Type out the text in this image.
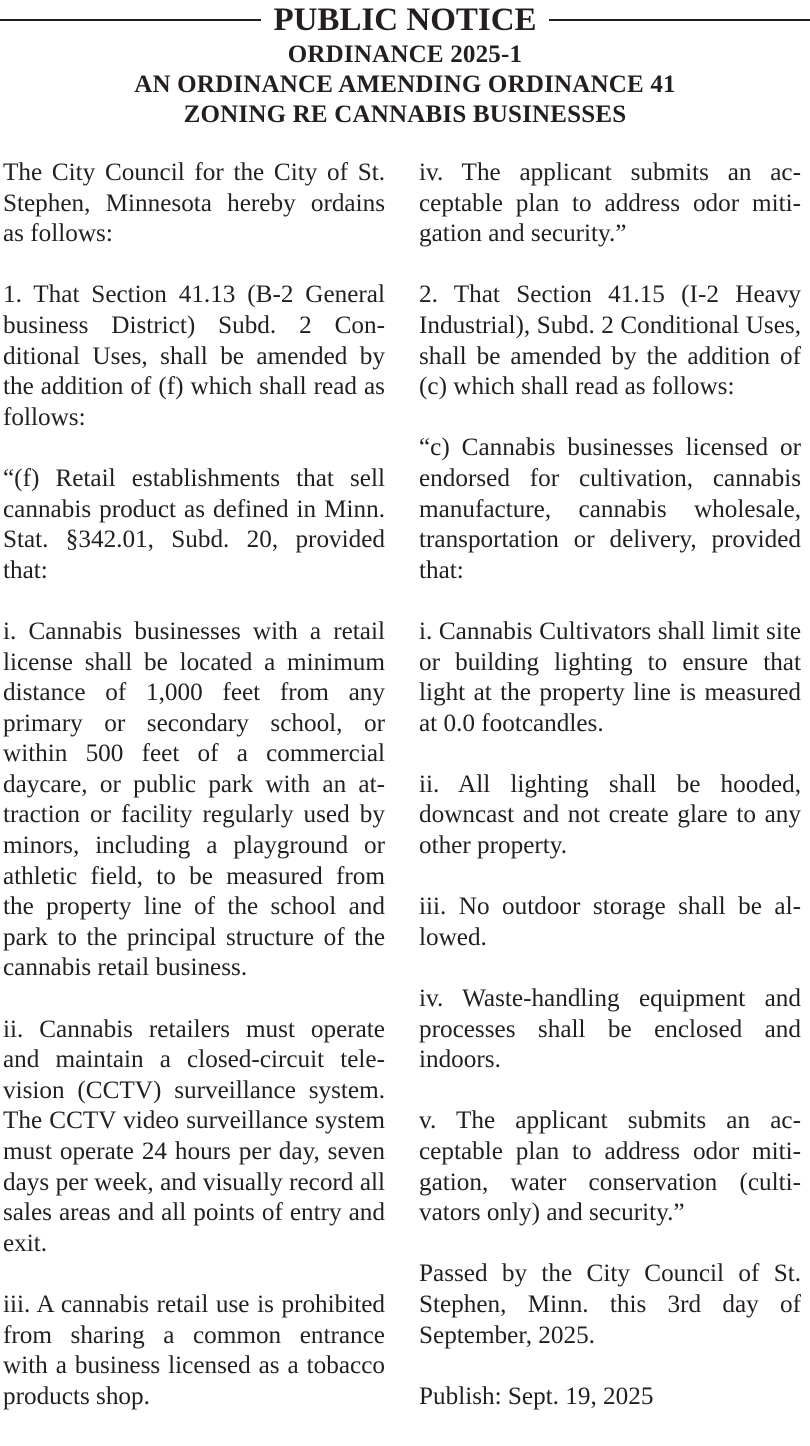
PUBLIC NOTICE
ORDINANCE 2025-1
AN ORDINANCE AMENDING ORDINANCE 41
ZONING RE CANNABIS BUSINESSES

The City Council for the City of St. Stephen, Minnesota hereby ordains as follows:

1. That Section 41.13 (B-2 General business District) Subd. 2 Conditional Uses, shall be amended by the addition of (f) which shall read as follows:

“(f) Retail establishments that sell cannabis product as defined in Minn. Stat. §342.01, Subd. 20, provided that:

i. Cannabis businesses with a retail license shall be located a minimum distance of 1,000 feet from any primary or secondary school, or within 500 feet of a commercial daycare, or public park with an attraction or facility regularly used by minors, including a playground or athletic field, to be measured from the property line of the school and park to the principal structure of the cannabis retail business.

ii. Cannabis retailers must operate and maintain a closed-circuit television (CCTV) surveillance system. The CCTV video surveillance system must operate 24 hours per day, seven days per week, and visually record all sales areas and all points of entry and exit.

iii. A cannabis retail use is prohibited from sharing a common entrance with a business licensed as a tobacco products shop.

iv. The applicant submits an acceptable plan to address odor mitigation and security.”

2. That Section 41.15 (I-2 Heavy Industrial), Subd. 2 Conditional Uses, shall be amended by the addition of (c) which shall read as follows:

“c) Cannabis businesses licensed or endorsed for cultivation, cannabis manufacture, cannabis wholesale, transportation or delivery, provided that:

i. Cannabis Cultivators shall limit site or building lighting to ensure that light at the property line is measured at 0.0 footcandles.

ii. All lighting shall be hooded, downcast and not create glare to any other property.

iii. No outdoor storage shall be allowed.

iv. Waste-handling equipment and processes shall be enclosed and indoors.

v. The applicant submits an acceptable plan to address odor mitigation, water conservation (cultivators only) and security.”

Passed by the City Council of St. Stephen, Minn. this 3rd day of September, 2025.

Publish: Sept. 19, 2025
